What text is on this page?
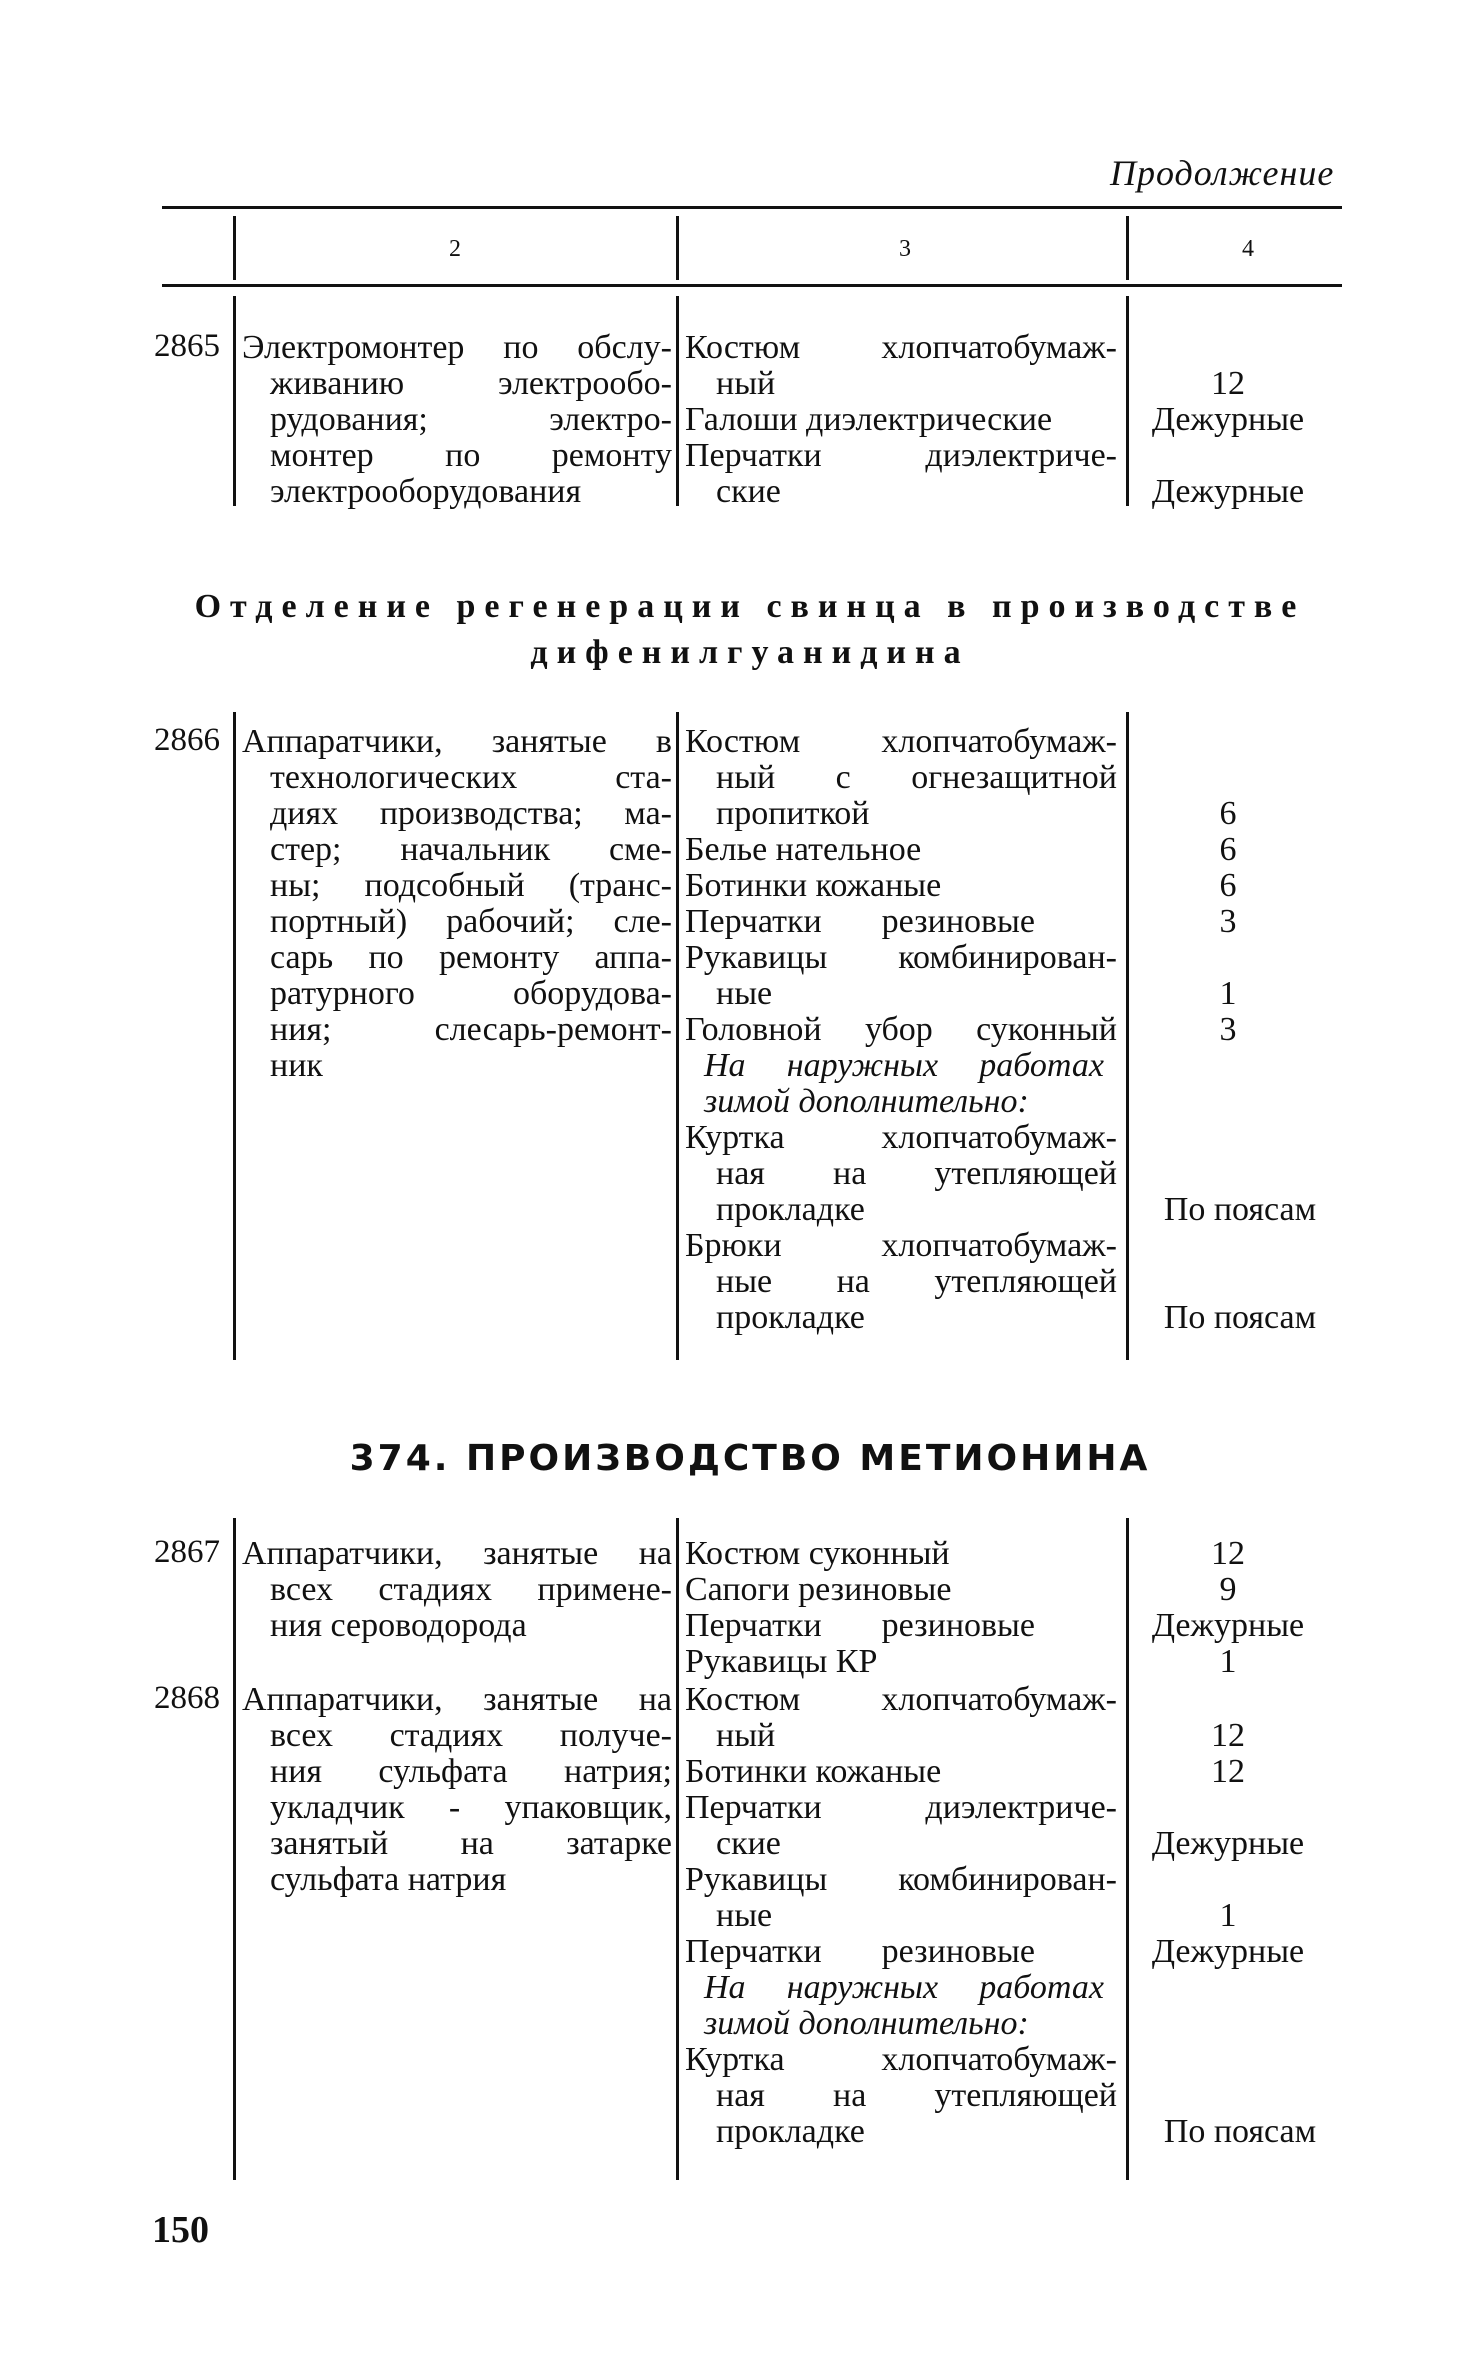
Продолжение
2	3	4
2865 Электромонтер по обслу-
живанию электрообо-
рудования; электро-
монтер по ремонту
электрооборудования
Костюм хлопчатобумаж-
ный
Галоши диэлектрические
Перчатки диэлектриче-
ские
12
Дежурные
Дежурные
Отделение регенерации свинца в производстве
дифенилгуанидина
2866 Аппаратчики, занятые в
технологических ста-
диях производства; ма-
стер; начальник сме-
ны; подсобный (транс-
портный) рабочий; сле-
сарь по ремонту аппа-
ратурного оборудова-
ния; слесарь-ремонт-
ник
Костюм хлопчатобумаж-
ный с огнезащитной
пропиткой
Белье нательное
Ботинки кожаные
Перчатки резиновые
Рукавицы комбинирован-
ные
Головной убор суконный
На наружных работах
зимой дополнительно:
Куртка хлопчатобумаж-
ная на утепляющей
прокладке
Брюки хлопчатобумаж-
ные на утепляющей
прокладке
6
6
6
3
1
3
По поясам
По поясам
374. ПРОИЗВОДСТВО МЕТИОНИНА
2867 Аппаратчики, занятые на
всех стадиях примене-
ния сероводорода
Костюм суконный
Сапоги резиновые
Перчатки резиновые
Рукавицы КР
12
9
Дежурные
1
2868 Аппаратчики, занятые на
всех стадиях получе-
ния сульфата натрия;
укладчик - упаковщик,
занятый на затарке
сульфата натрия
Костюм хлопчатобумаж-
ный
Ботинки кожаные
Перчатки диэлектриче-
ские
Рукавицы комбинирован-
ные
Перчатки резиновые
На наружных работах
зимой дополнительно:
Куртка хлопчатобумаж-
ная на утепляющей
прокладке
12
12
Дежурные
1
Дежурные
По поясам
150
